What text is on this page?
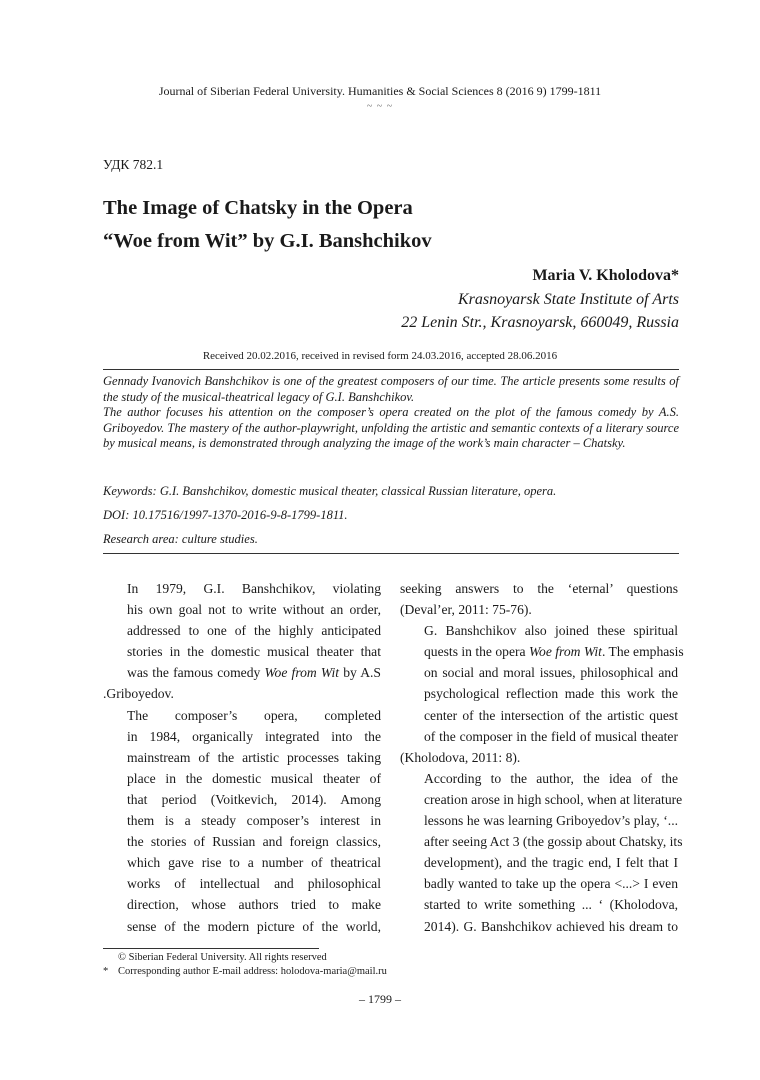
Journal of Siberian Federal University. Humanities & Social Sciences 8 (2016 9) 1799-1811
~ ~ ~
УДК 782.1
The Image of Chatsky in the Opera
“Woe from Wit” by G.I. Banshchikov
Maria V. Kholodova*
Krasnoyarsk State Institute of Arts
22 Lenin Str., Krasnoyarsk, 660049, Russia
Received 20.02.2016, received in revised form 24.03.2016, accepted 28.06.2016

Gennady Ivanovich Banshchikov is one of the greatest composers of our time. The article presents some results of the study of the musical-theatrical legacy of G.I. Banshchikov.

The author focuses his attention on the composer’s opera created on the plot of the famous comedy by A.S. Griboyedov. The mastery of the author-playwright, unfolding the artistic and semantic contexts of a literary source by musical means, is demonstrated through analyzing the image of the work’s main character – Chatsky.

Keywords: G.I. Banshchikov, domestic musical theater, classical Russian literature, opera.
DOI: 10.17516/1997-1370-2016-9-8-1799-1811.
Research area: culture studies.

In 1979, G.I. Banshchikov, violating
his own goal not to write without an order,
addressed to one of the highly anticipated
stories in the domestic musical theater that
was the famous comedy Woe from Wit by A.S
.Griboyedov.

The composer’s opera, completed
in 1984, organically integrated into the
mainstream of the artistic processes taking
place in the domestic musical theater of
that period (Voitkevich, 2014). Among
them is a steady composer’s interest in
the stories of Russian and foreign classics,
which gave rise to a number of theatrical
works of intellectual and philosophical
direction, whose authors tried to make
sense of the modern picture of the world,

seeking answers to the ‘eternal’ questions
(Deval’er, 2011: 75-76).

G. Banshchikov also joined these spiritual
quests in the opera Woe from Wit. The emphasis
on social and moral issues, philosophical and
psychological reflection made this work the
center of the intersection of the artistic quest
of the composer in the field of musical theater
(Kholodova, 2011: 8).

According to the author, the idea of the
creation arose in high school, when at literature
lessons he was learning Griboyedov’s play, ‘...
after seeing Act 3 (the gossip about Chatsky, its
development), and the tragic end, I felt that I
badly wanted to take up the opera <...> I even
started to write something ... ‘ (Kholodova,
2014). G. Banshchikov achieved his dream to

© Siberian Federal University. All rights reserved
* Corresponding author E-mail address: holodova-maria@mail.ru
– 1799 –
